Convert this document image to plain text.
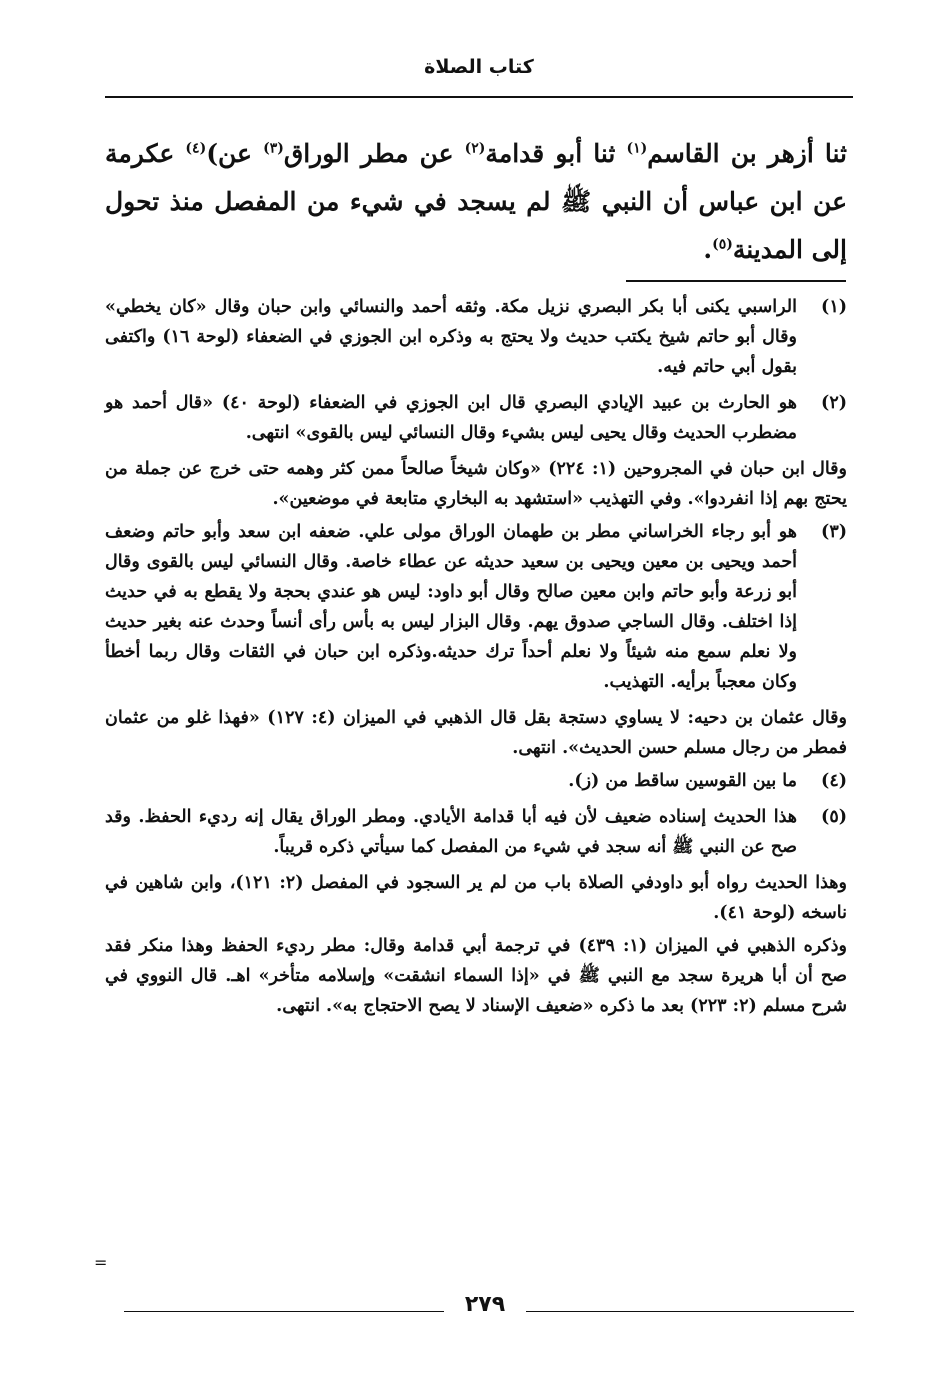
كتاب الصلاة
ثنا أزهر بن القاسم$^{(١)}$ ثنا أبو قدامة$^{(٢)}$ عن مطر الوراق$^{(٣)}$ عن)$^{(٤)}$ عكرمة عن ابن عباس أن النبي ﷺ لم يسجد في شيء من المفصل منذ تحول إلى المدينة$^{(٥)}$.
(١)

الراسبي يكنى أبا بكر البصري نزيل مكة. وثقه أحمد والنسائي وابن حبان وقال «كان يخطي» وقال أبو حاتم شيخ يكتب حديث ولا يحتج به وذكره ابن الجوزي في الضعفاء (لوحة ١٦) واكتفى بقول أبي حاتم فيه.

(٢)

هو الحارث بن عبيد الإيادي البصري قال ابن الجوزي في الضعفاء (لوحة ٤٠) «قال أحمد هو مضطرب الحديث وقال يحيى ليس بشيء وقال النسائي ليس بالقوى» انتهى.

وقال ابن حبان في المجروحين (١: ٢٢٤) «وكان شيخاً صالحاً ممن كثر وهمه حتى خرج عن جملة من يحتج بهم إذا انفردوا». وفي التهذيب «استشهد به البخاري متابعة في موضعين».

(٣)

هو أبو رجاء الخراساني مطر بن طهمان الوراق مولى علي. ضعفه ابن سعد وأبو حاتم وضعف أحمد ويحيى بن معين ويحيى بن سعيد حديثه عن عطاء خاصة. وقال النسائي ليس بالقوى وقال أبو زرعة وأبو حاتم وابن معين صالح وقال أبو داود: ليس هو عندي بحجة ولا يقطع به في حديث إذا اختلف. وقال الساجي صدوق يهم. وقال البزار ليس به بأس رأى أنساً وحدث عنه بغير حديث ولا نعلم سمع منه شيئاً ولا نعلم أحداً ترك حديثه.وذكره ابن حبان في الثقات وقال ربما أخطأ وكان معجباً برأيه. التهذيب.

وقال عثمان بن دحيه: لا يساوي دستجة بقل قال الذهبي في الميزان (٤: ١٢٧) «فهذا غلو من عثمان فمطر من رجال مسلم حسن الحديث». انتهى.

(٤)

ما بين القوسين ساقط من (ز).

(٥)

هذا الحديث إسناده ضعيف لأن فيه أبا قدامة الأيادي. ومطر الوراق يقال إنه رديء الحفظ. وقد صح عن النبي ﷺ أنه سجد في شيء من المفصل كما سيأتي ذكره قريباً.

وهذا الحديث رواه أبو داودفي الصلاة باب من لم ير السجود في المفصل (٢: ١٢١)، وابن شاهين في ناسخه (لوحة ٤١).

وذكره الذهبي في الميزان (١: ٤٣٩) في ترجمة أبي قدامة وقال: مطر رديء الحفظ وهذا منكر فقد صح أن أبا هريرة سجد مع النبي ﷺ في «إذا السماء انشقت» وإسلامه متأخر» اهـ. قال النووي في شرح مسلم (٢: ٢٢٣) بعد ما ذكره «ضعيف الإسناد لا يصح الاحتجاج به». انتهى.

=
٢٧٩
